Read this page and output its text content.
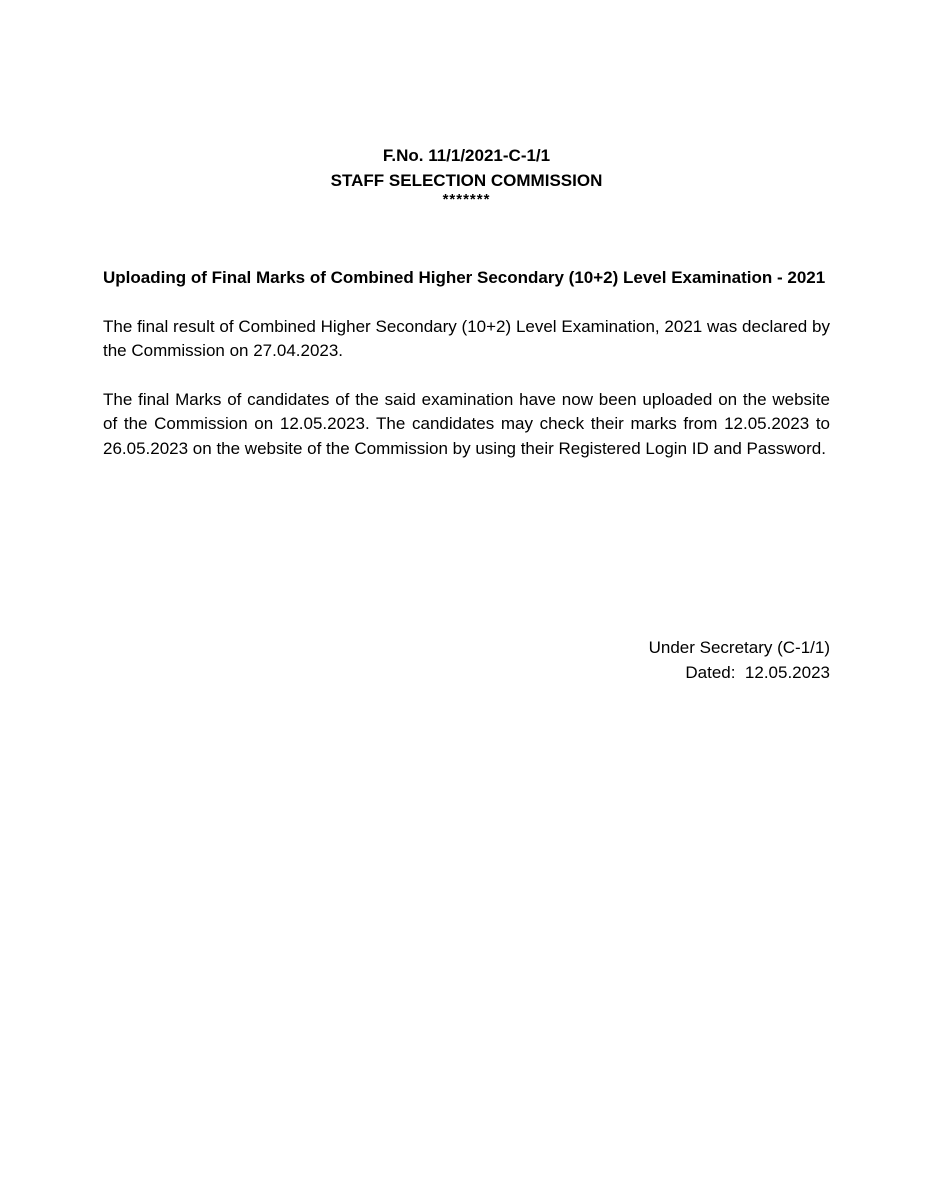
F.No. 11/1/2021-C-1/1
STAFF SELECTION COMMISSION
*******

Uploading of Final Marks of Combined Higher Secondary (10+2) Level Examination - 2021

The final result of Combined Higher Secondary (10+2) Level Examination, 2021 was declared by the Commission on 27.04.2023.

The final Marks of candidates of the said examination have now been uploaded on the website of the Commission on 12.05.2023. The candidates may check their marks from 12.05.2023 to 26.05.2023 on the website of the Commission by using their Registered Login ID and Password.

Under Secretary (C-1/1)
Dated:  12.05.2023
